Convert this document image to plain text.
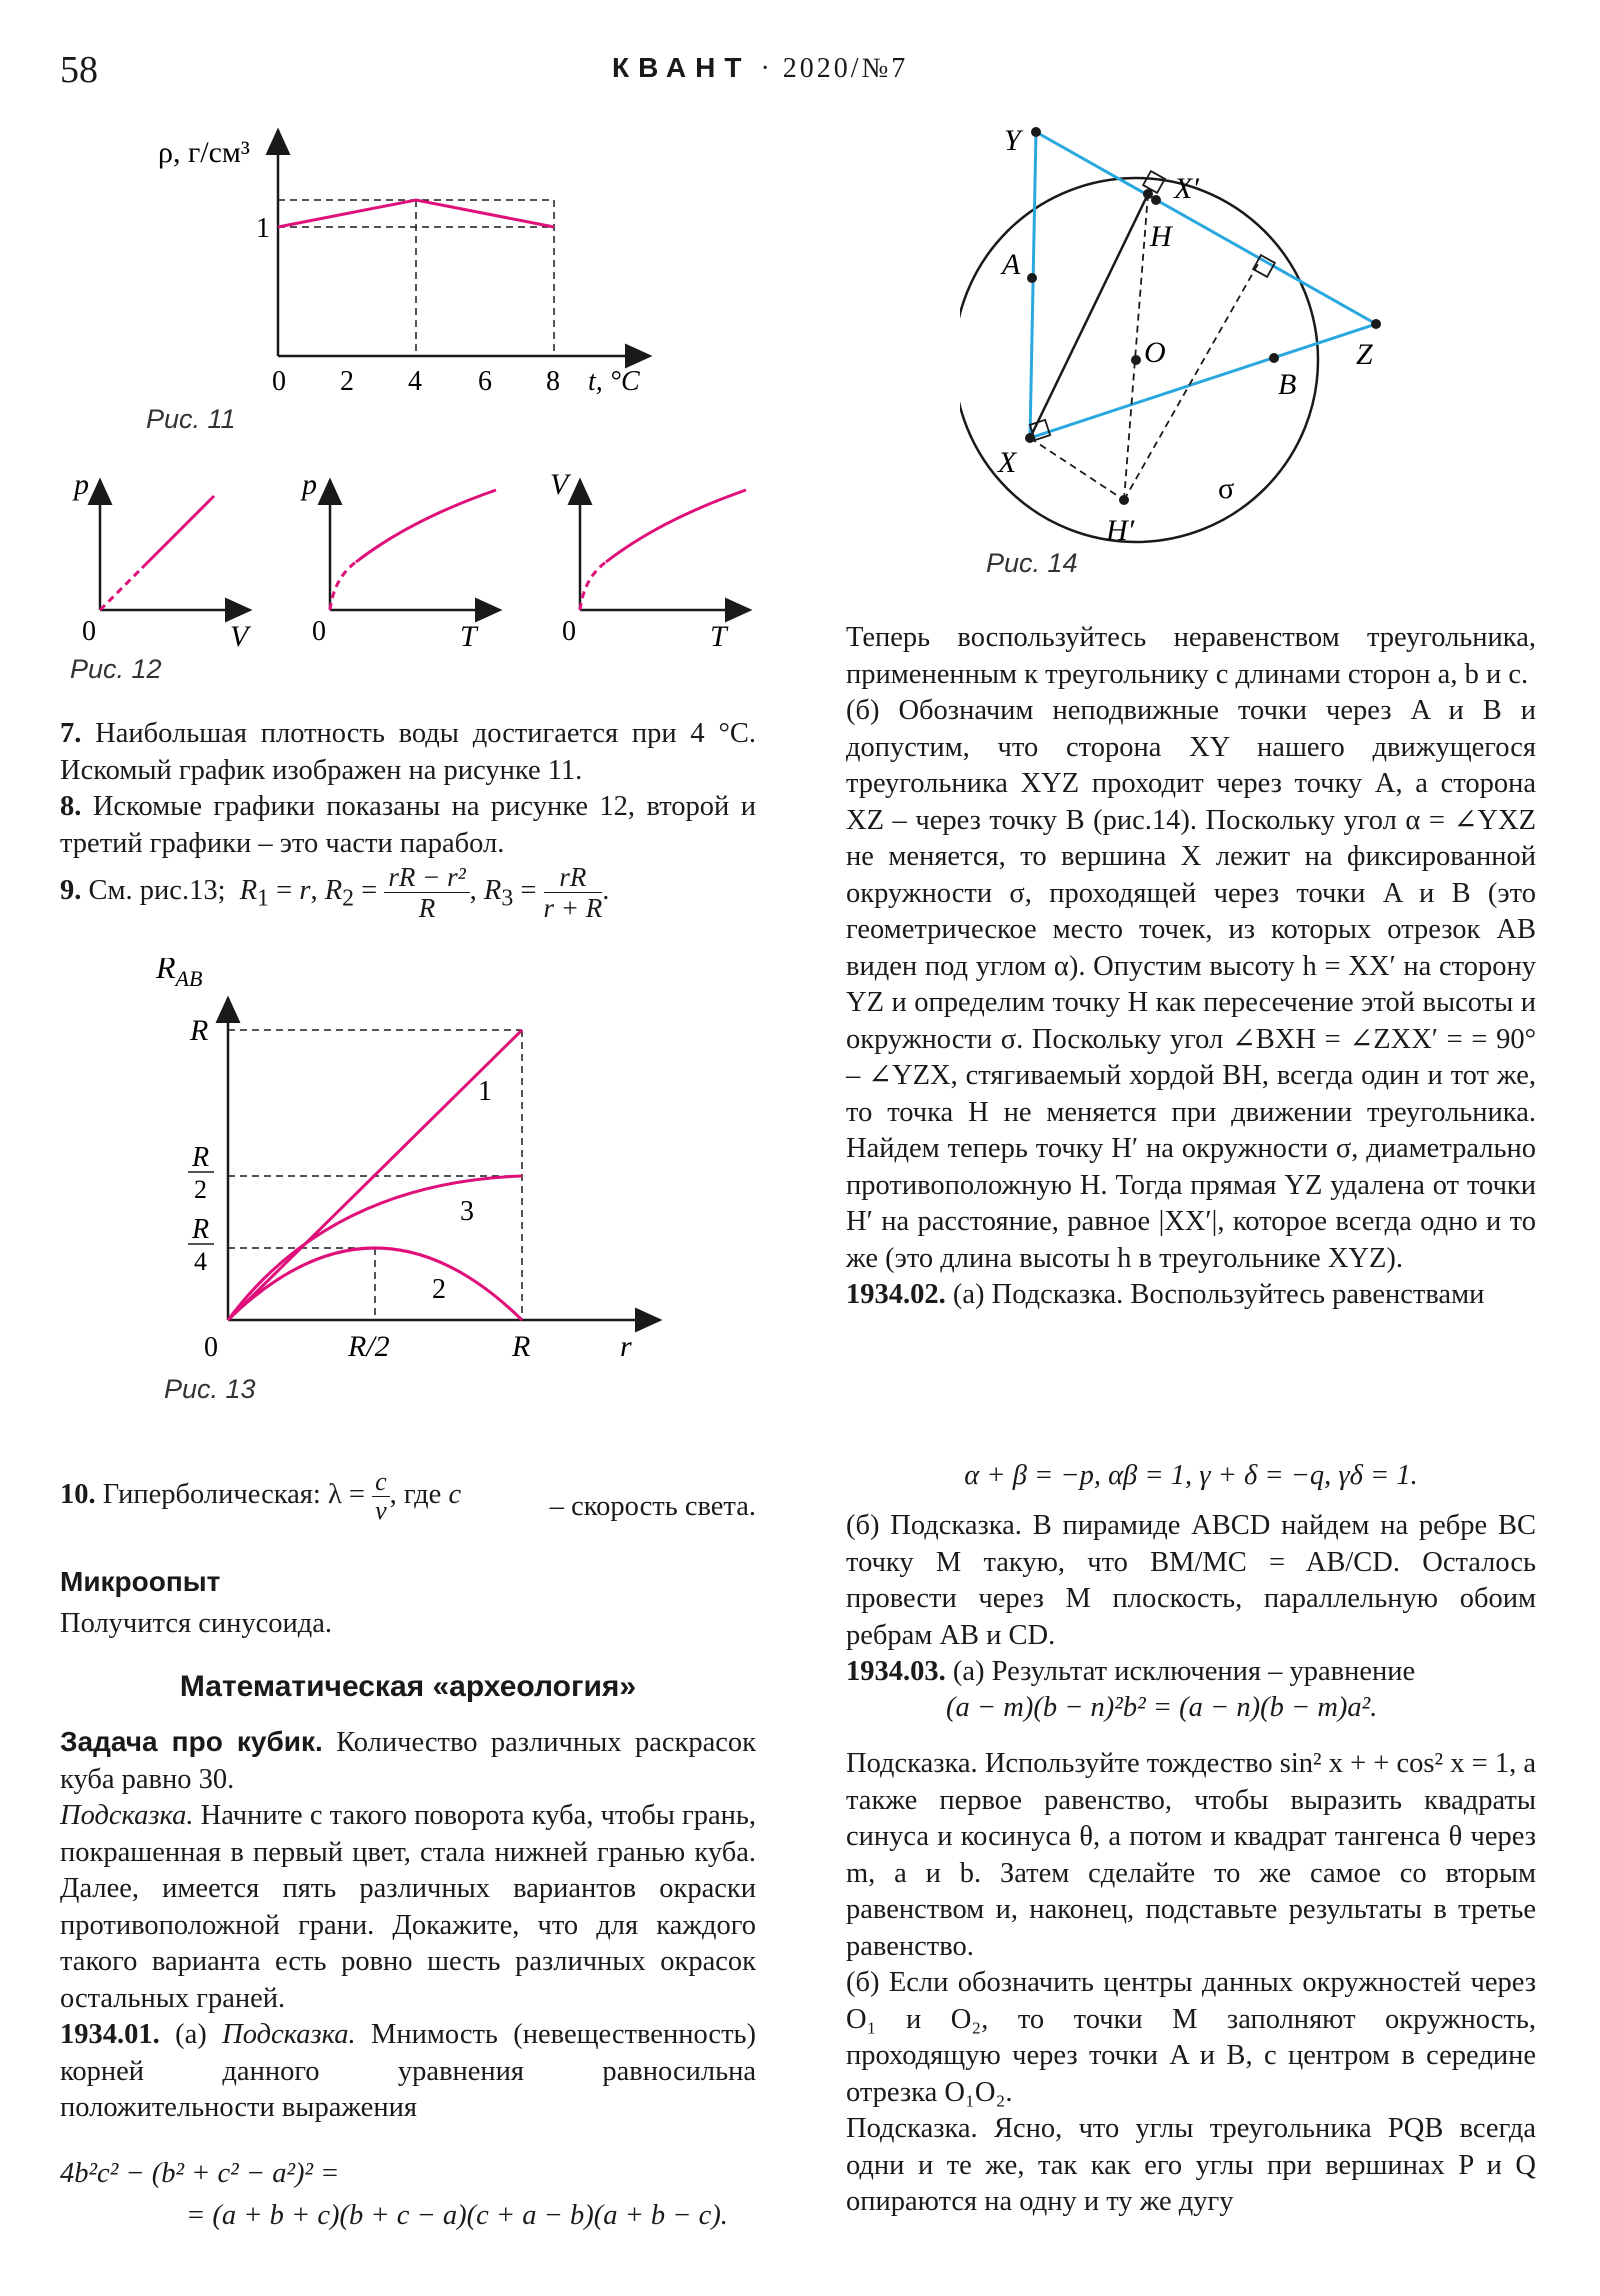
58	КВАНТ · 2020/№7
ρ, г/см³
1
0 2 4 6 8 t, °C
Рис. 11
p
0	V
p
0	T
V
0	T
Рис. 12

7. Наибольшая плотность воды достигается при 4 °С. Искомый график изображен на рисунке 11.

8. Искомые графики показаны на рисунке 12, второй и третий графики – это части парабол.

9. См. рис.13;  $R_1 = r$, $R_2 = \frac{\text{rR − r²}}{R}$ , $R_3 = \frac{rR}{r + R}$ .

$R_{AB}$
R
R
2
R
4
0	R/2	R	r
1
2
3
Рис. 13

10. Гиперболическая: $\lambda = \frac{c}{v}$ , где c	– скорость света.

Микроопыт
Получится синусоида.
Математическая «археология»

Задача про кубик. Количество различных раскрасок куба равно 30.

Подсказка. Начните с такого поворота куба, чтобы грань, покрашенная в первый цвет, стала нижней гранью куба. Далее, имеется пять различных вариантов окраски противоположной грани. Докажите, что для каждого такого варианта есть ровно шесть различных окрасок остальных граней.

1934.01. (а) Подсказка. Мнимость (невещественность) корней данного уравнения равносильна положительности выражения

4b²c² − (b² + c² − a²)² =
= (a + b + c)(b + c − a)(c + a − b)(a + b − c).
Y
X′
H
A
O
B
Z
X
H′
σ
Рис. 14

Теперь воспользуйтесь неравенством треугольника, примененным к треугольнику с длинами сторон a, b и c.

(б) Обозначим неподвижные точки через A и B и допустим, что сторона XY нашего движущегося треугольника XYZ проходит через точку A, а сторона XZ – через точку B (рис.14). Поскольку угол α = ∠YXZ не меняется, то вершина X лежит на фиксированной окружности σ, проходящей через точки A и B (это геометрическое место точек, из которых отрезок AB виден под углом α). Опустим высоту h = XX′ на сторону YZ и определим точку H как пересечение этой высоты и окружности σ. Поскольку угол ∠BXH = ∠ZXX′ = = 90° – ∠YZX, стягиваемый хордой BH, всегда один и тот же, то точка H не меняется при движении треугольника. Найдем теперь точку H′ на окружности σ, диаметрально противоположную H. Тогда прямая YZ удалена от точки H′ на расстояние, равное |XX′|, которое всегда одно и то же (это длина высоты h в треугольнике XYZ).

1934.02. (а) Подсказка. Воспользуйтесь равенствами

α + β = −p, αβ = 1, γ + δ = −q, γδ = 1.

(б) Подсказка. В пирамиде ABCD найдем на ребре BC точку M такую, что BM/MC = AB/CD. Осталось провести через M плоскость, параллельную обоим ребрам AB и CD.

1934.03. (а) Результат исключения – уравнение

(a − m)(b − n)²b² = (a − n)(b − m)a².

Подсказка. Используйте тождество sin² x + + cos² x = 1, а также первое равенство, чтобы выразить квадраты синуса и косинуса θ, а потом и квадрат тангенса θ через m, a и b. Затем сделайте то же самое со вторым равенством и, наконец, подставьте результаты в третье равенство.

(б) Если обозначить центры данных окружностей через O₁ и O₂, то точки M заполняют окружность, проходящую через точки A и B, с центром в середине отрезка O₁O₂.

Подсказка. Ясно, что углы треугольника PQB всегда одни и те же, так как его углы при вершинах P и Q опираются на одну и ту же дугу
